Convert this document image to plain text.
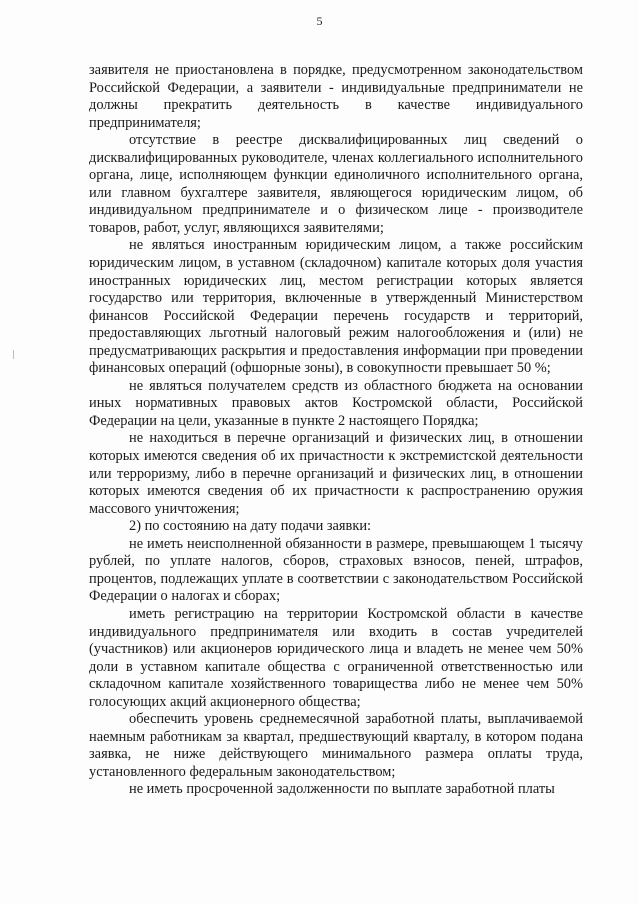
5

заявителя не приостановлена в порядке, предусмотренном законодательством Российской Федерации, а заявители - индивидуальные предприниматели не должны прекратить деятельность в качестве индивидуального предпринимателя;

отсутствие в реестре дисквалифицированных лиц сведений о дисквалифицированных руководителе, членах коллегиального исполнительного органа, лице, исполняющем функции единоличного исполнительного органа, или главном бухгалтере заявителя, являющегося юридическим лицом, об индивидуальном предпринимателе и о физическом лице - производителе товаров, работ, услуг, являющихся заявителями;

не являться иностранным юридическим лицом, а также российским юридическим лицом, в уставном (складочном) капитале которых доля участия иностранных юридических лиц, местом регистрации которых является государство или территория, включенные в утвержденный Министерством финансов Российской Федерации перечень государств и территорий, предоставляющих льготный налоговый режим налогообложения и (или) не предусматривающих раскрытия и предоставления информации при проведении финансовых операций (офшорные зоны), в совокупности превышает 50 %;

не являться получателем средств из областного бюджета на основании иных нормативных правовых актов Костромской области, Российской Федерации на цели, указанные в пункте 2 настоящего Порядка;

не находиться в перечне организаций и физических лиц, в отношении которых имеются сведения об их причастности к экстремистской деятельности или терроризму, либо в перечне организаций и физических лиц, в отношении которых имеются сведения об их причастности к распространению оружия массового уничтожения;

2) по состоянию на дату подачи заявки:

не иметь неисполненной обязанности в размере, превышающем 1 тысячу рублей, по уплате налогов, сборов, страховых взносов, пеней, штрафов, процентов, подлежащих уплате в соответствии с законодательством Российской Федерации о налогах и сборах;

иметь регистрацию на территории Костромской области в качестве индивидуального предпринимателя или входить в состав учредителей (участников) или акционеров юридического лица и владеть не менее чем 50% доли в уставном капитале общества с ограниченной ответственностью или складочном капитале хозяйственного товарищества либо не менее чем 50% голосующих акций акционерного общества;

обеспечить уровень среднемесячной заработной платы, выплачиваемой наемным работникам за квартал, предшествующий кварталу, в котором подана заявка, не ниже действующего минимального размера оплаты труда, установленного федеральным законодательством;

не иметь просроченной задолженности по выплате заработной платы
